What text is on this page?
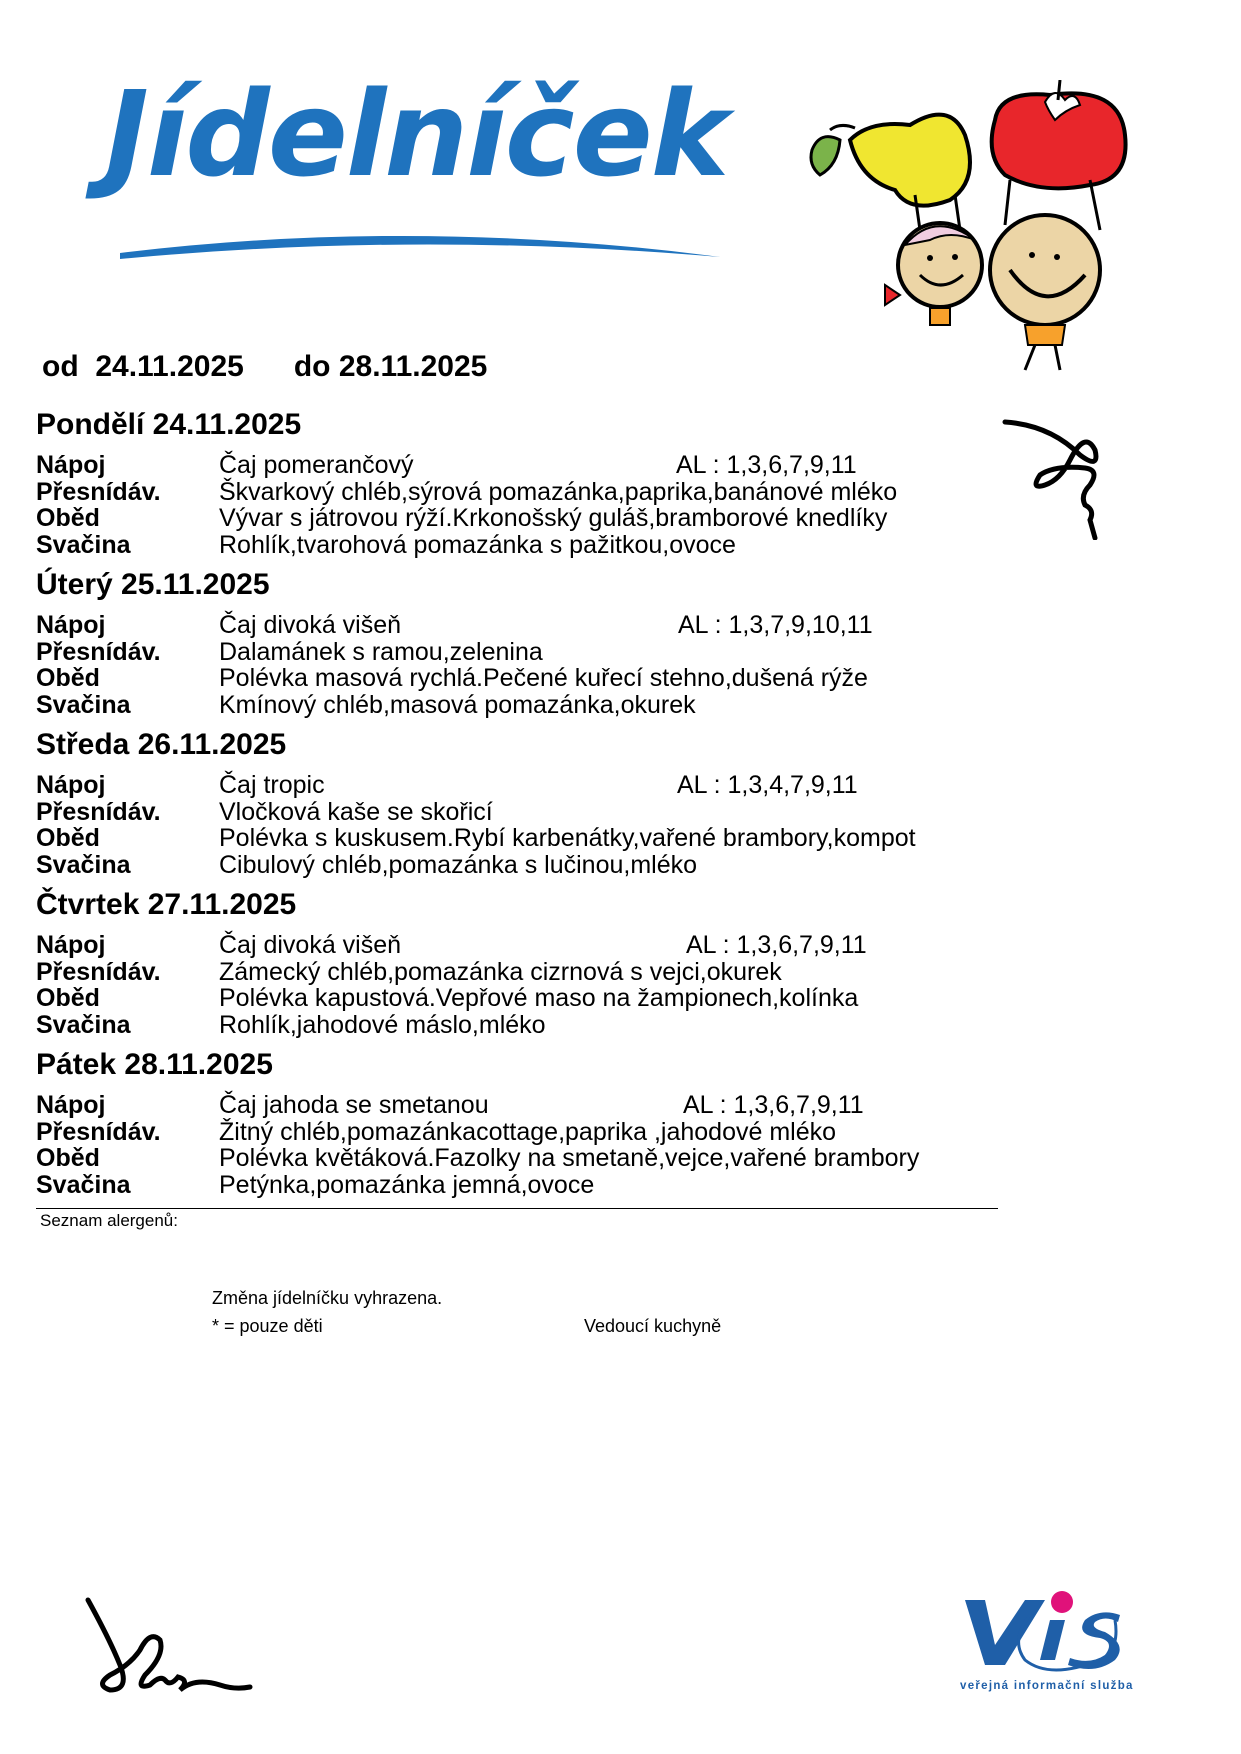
Jídelníček
od 24.11.2025 do 28.11.2025
Pondělí 24.11.2025
Nápoj	Čaj pomerančový	AL : 1,3,6,7,9,11
Přesnídáv. Škvarkový chléb,sýrová pomazánka,paprika,banánové mléko
Oběd	Vývar s játrovou rýží.Krkonošský guláš,bramborové knedlíky
Svačina	Rohlík,tvarohová pomazánka s pažitkou,ovoce
Úterý 25.11.2025
Nápoj	Čaj divoká višeň	AL : 1,3,7,9,10,11
Přesnídáv. Dalamánek s ramou,zelenina
Oběd	Polévka masová rychlá.Pečené kuřecí stehno,dušená rýže
Svačina	Kmínový chléb,masová pomazánka,okurek
Středa 26.11.2025
Nápoj	Čaj tropic	AL : 1,3,4,7,9,11
Přesnídáv. Vločková kaše se skořicí
Oběd	Polévka s kuskusem.Rybí karbenátky,vařené brambory,kompot
Svačina	Cibulový chléb,pomazánka s lučinou,mléko
Čtvrtek 27.11.2025
Nápoj	Čaj divoká višeň	AL : 1,3,6,7,9,11
Přesnídáv. Zámecký chléb,pomazánka cizrnová s vejci,okurek
Oběd	Polévka kapustová.Vepřové maso na žampionech,kolínka
Svačina	Rohlík,jahodové máslo,mléko
Pátek 28.11.2025
Nápoj	Čaj jahoda se smetanou	AL : 1,3,6,7,9,11
Přesnídáv. Žitný chléb,pomazánkacottage,paprika ,jahodové mléko
Oběd	Polévka květáková.Fazolky na smetaně,vejce,vařené brambory
Svačina	Petýnka,pomazánka jemná,ovoce
Seznam alergenů:
Změna jídelníčku vyhrazena.
* = pouze děti	Vedoucí kuchyně
veřejná informační služba
